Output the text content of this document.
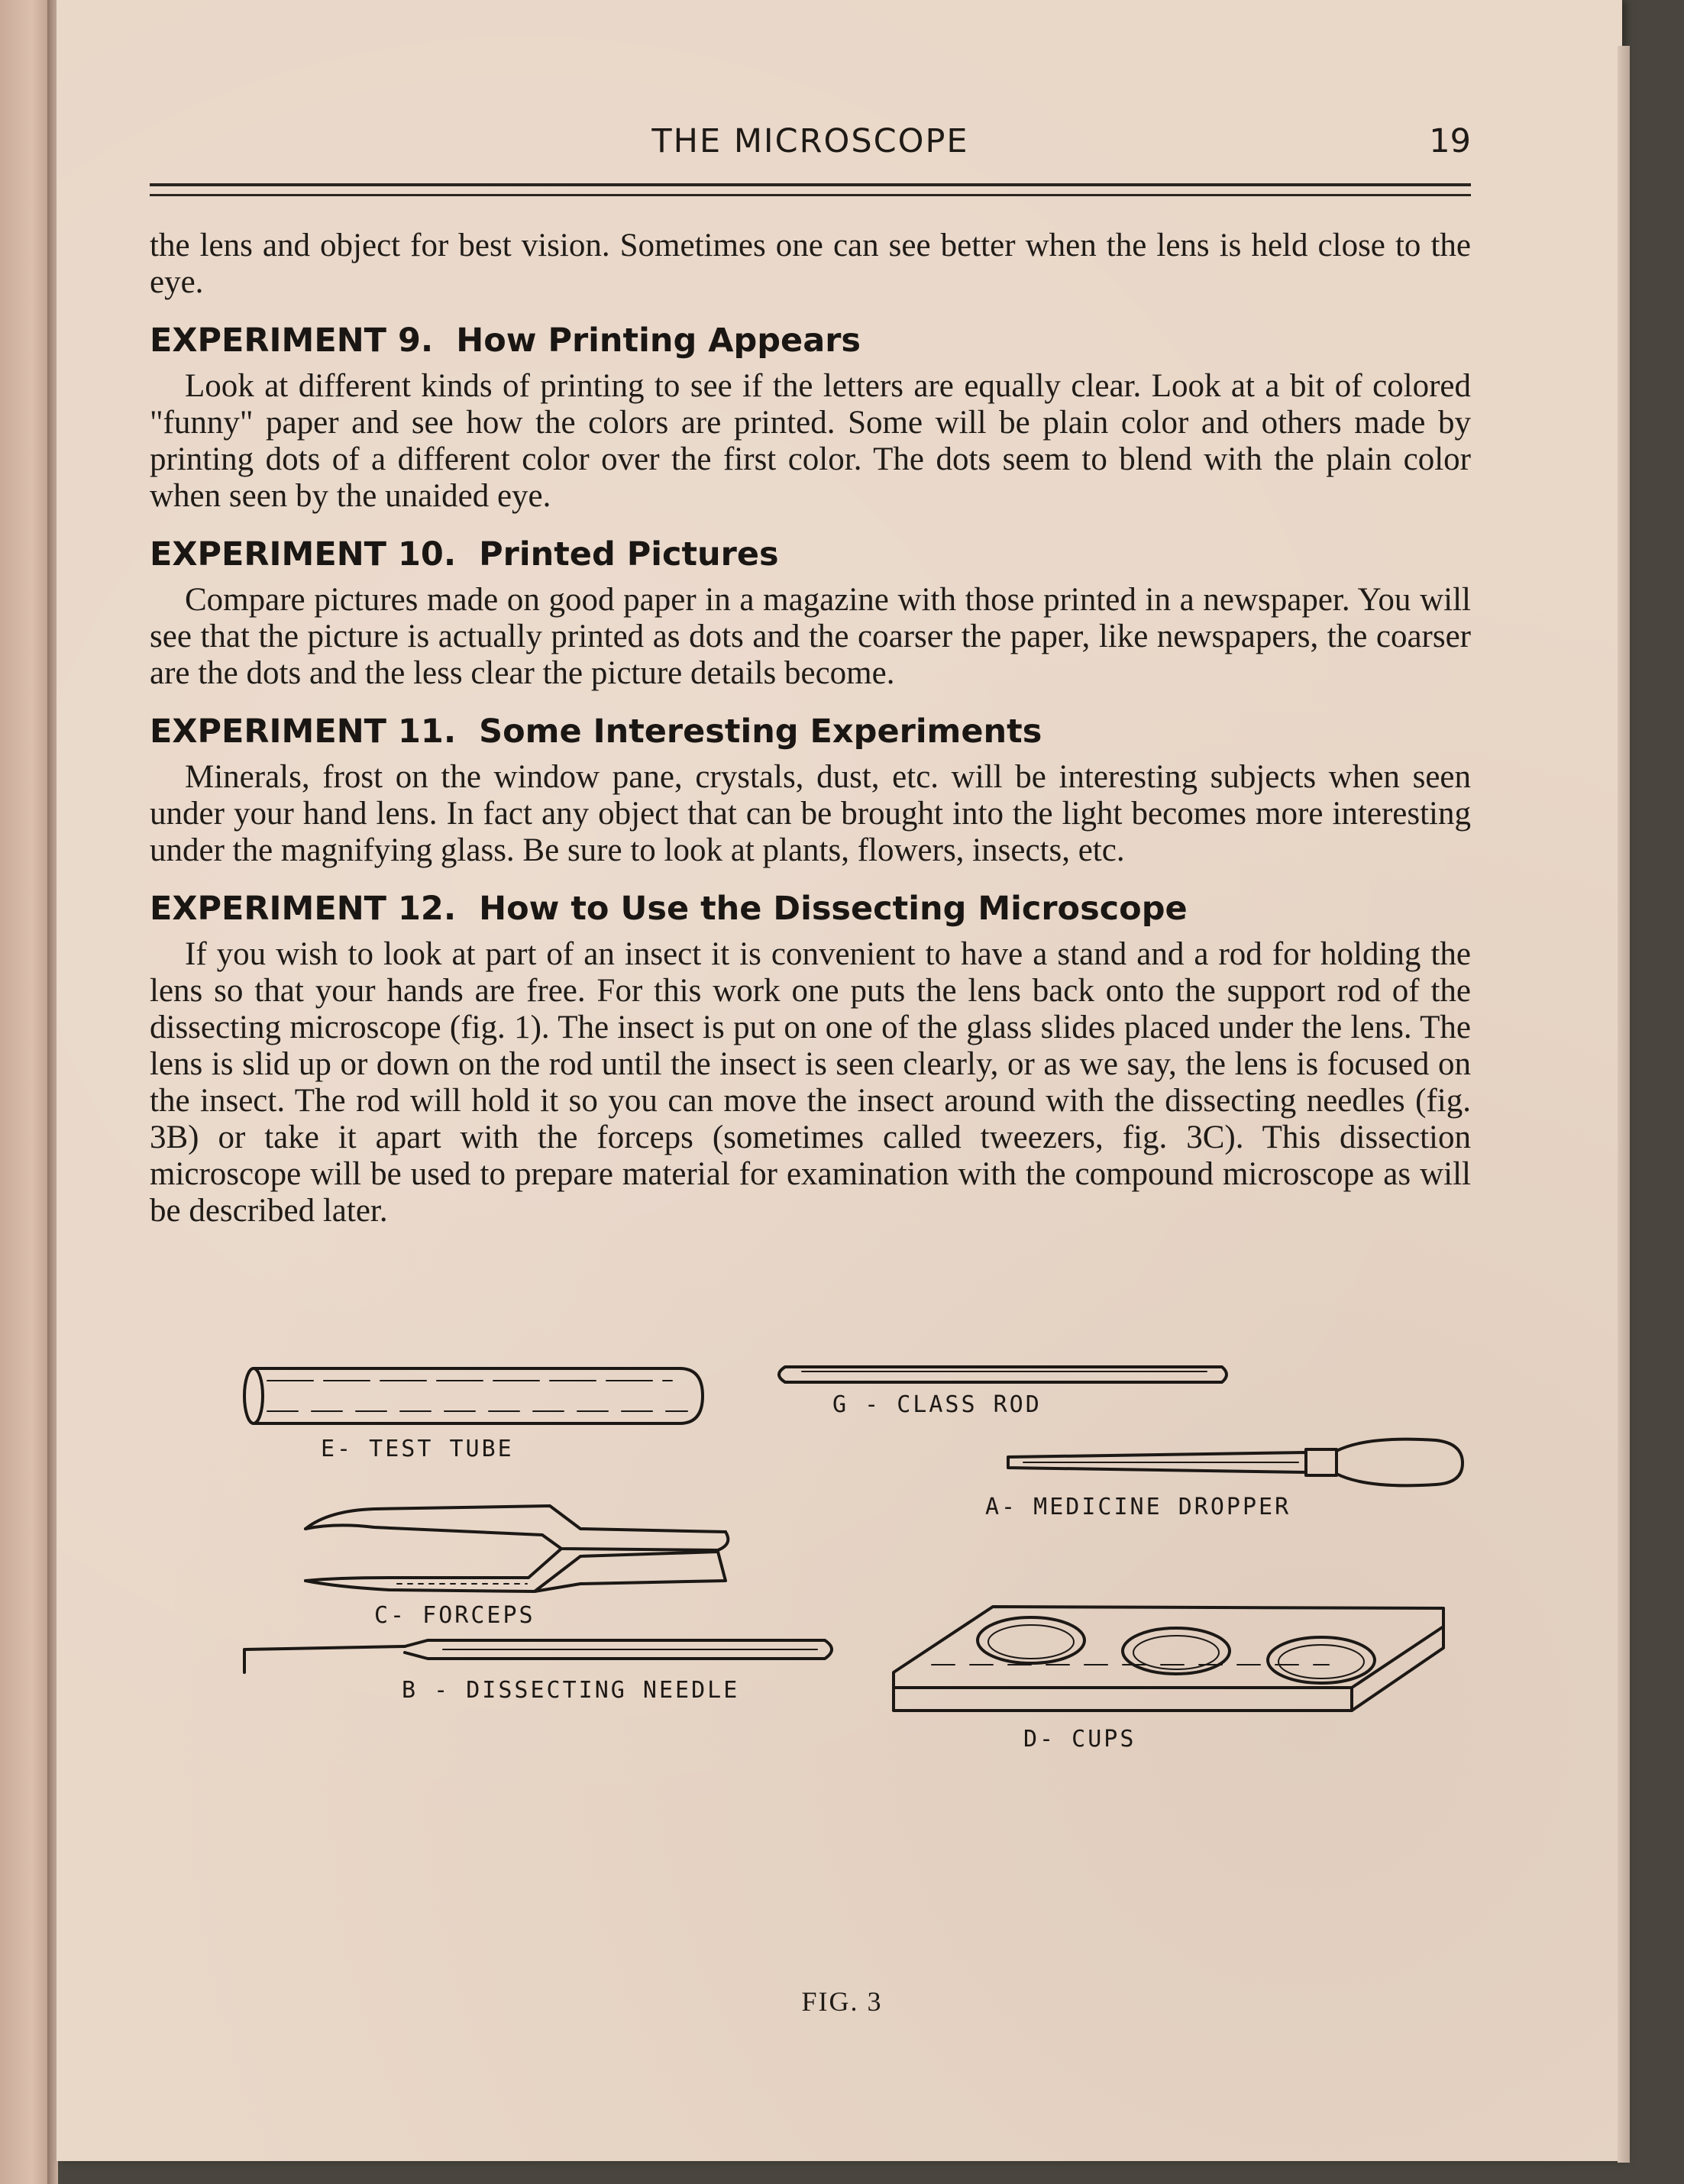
THE MICROSCOPE	19

the lens and object for best vision. Sometimes one can see better when the lens is held close to the eye.

EXPERIMENT 9. How Printing Appears

Look at different kinds of printing to see if the letters are equally clear. Look at a bit of colored "funny" paper and see how the colors are printed. Some will be plain color and others made by printing dots of a different color over the first color. The dots seem to blend with the plain color when seen by the unaided eye.

EXPERIMENT 10. Printed Pictures

Compare pictures made on good paper in a magazine with those printed in a newspaper. You will see that the picture is actually printed as dots and the coarser the paper, like newspapers, the coarser are the dots and the less clear the picture details become.

EXPERIMENT 11. Some Interesting Experiments

Minerals, frost on the window pane, crystals, dust, etc. will be interesting subjects when seen under your hand lens. In fact any object that can be brought into the light becomes more interesting under the magnifying glass. Be sure to look at plants, flowers, insects, etc.

EXPERIMENT 12. How to Use the Dissecting Microscope

If you wish to look at part of an insect it is convenient to have a stand and a rod for holding the lens so that your hands are free. For this work one puts the lens back onto the support rod of the dissecting microscope (fig. 1). The insect is put on one of the glass slides placed under the lens. The lens is slid up or down on the rod until the insect is seen clearly, or as we say, the lens is focused on the insect. The rod will hold it so you can move the insect around with the dissecting needles (fig. 3B) or take it apart with the forceps (sometimes called tweezers, fig. 3C). This dissection microscope will be used to prepare material for examination with the compound microscope as will be described later.

E- TEST TUBE
G - CLASS ROD
A- MEDICINE DROPPER
C- FORCEPS
B - DISSECTING NEEDLE
D- CUPS
FIG. 3
